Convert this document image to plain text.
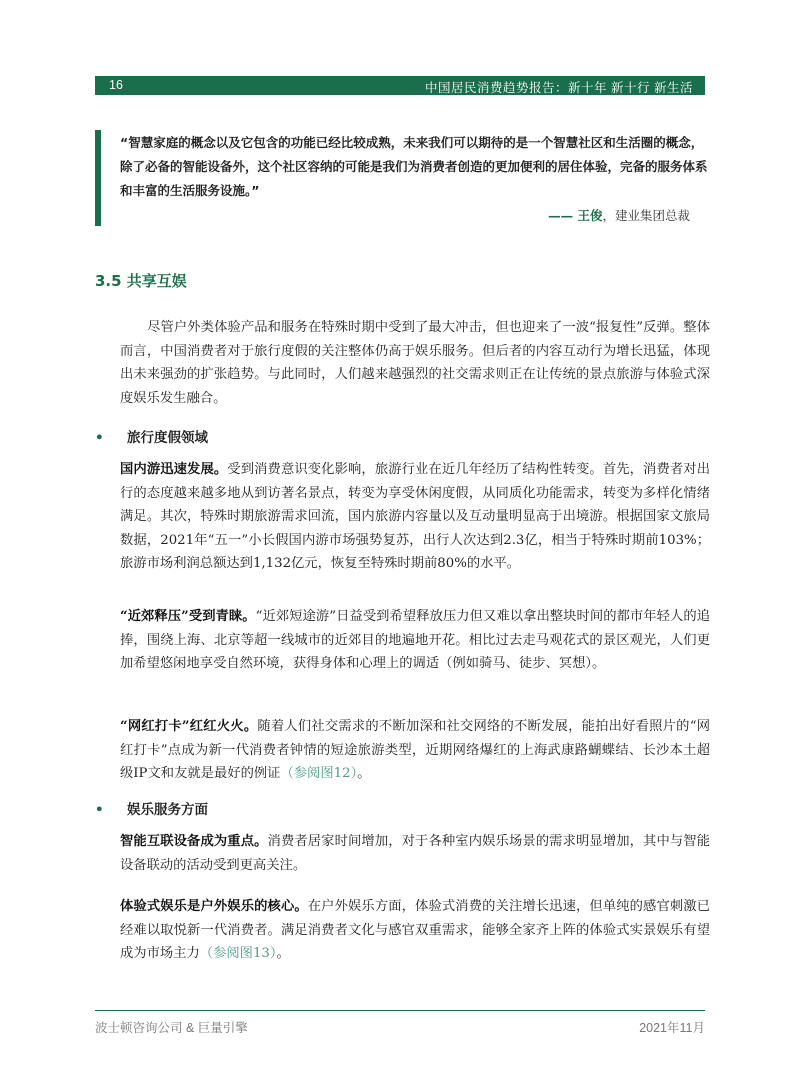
16	中国居民消费趋势报告：新十年 新十行 新生活
“智慧家庭的概念以及它包含的功能已经比较成熟，未来我们可以期待的是一个智慧社区和生活圈的概念，除了必备的智能设备外，这个社区容纳的可能是我们为消费者创造的更加便利的居住体验，完备的服务体系和丰富的生活服务设施。”
—— 王俊，建业集团总裁
3.5 共享互娱

尽管户外类体验产品和服务在特殊时期中受到了最大冲击，但也迎来了一波“报复性”反弹。整体而言，中国消费者对于旅行度假的关注整体仍高于娱乐服务。但后者的内容互动行为增长迅猛，体现出未来强劲的扩张趋势。与此同时，人们越来越强烈的社交需求则正在让传统的景点旅游与体验式深度娱乐发生融合。

• 旅行度假领域

国内游迅速发展。受到消费意识变化影响，旅游行业在近几年经历了结构性转变。首先，消费者对出行的态度越来越多地从到访著名景点，转变为享受休闲度假，从同质化功能需求，转变为多样化情绪满足。其次，特殊时期旅游需求回流，国内旅游内容量以及互动量明显高于出境游。根据国家文旅局数据，2021年“五一”小长假国内游市场强势复苏，出行人次达到2.3亿，相当于特殊时期前103%；旅游市场利润总额达到1,132亿元，恢复至特殊时期前80%的水平。

“近郊释压”受到青睐。“近郊短途游”日益受到希望释放压力但又难以拿出整块时间的都市年轻人的追捧，围绕上海、北京等超一线城市的近郊目的地遍地开花。相比过去走马观花式的景区观光，人们更加希望悠闲地享受自然环境，获得身体和心理上的调适（例如骑马、徒步、冥想）。

“网红打卡”红红火火。随着人们社交需求的不断加深和社交网络的不断发展，能拍出好看照片的“网红打卡”点成为新一代消费者钟情的短途旅游类型，近期网络爆红的上海武康路蝴蝶结、长沙本土超级IP文和友就是最好的例证（参阅图12）。

• 娱乐服务方面

智能互联设备成为重点。消费者居家时间增加，对于各种室内娱乐场景的需求明显增加，其中与智能设备联动的活动受到更高关注。

体验式娱乐是户外娱乐的核心。在户外娱乐方面，体验式消费的关注增长迅速，但单纯的感官刺激已经难以取悦新一代消费者。满足消费者文化与感官双重需求，能够全家齐上阵的体验式实景娱乐有望成为市场主力（参阅图13）。

波士顿咨询公司 & 巨量引擎	2021年11月
